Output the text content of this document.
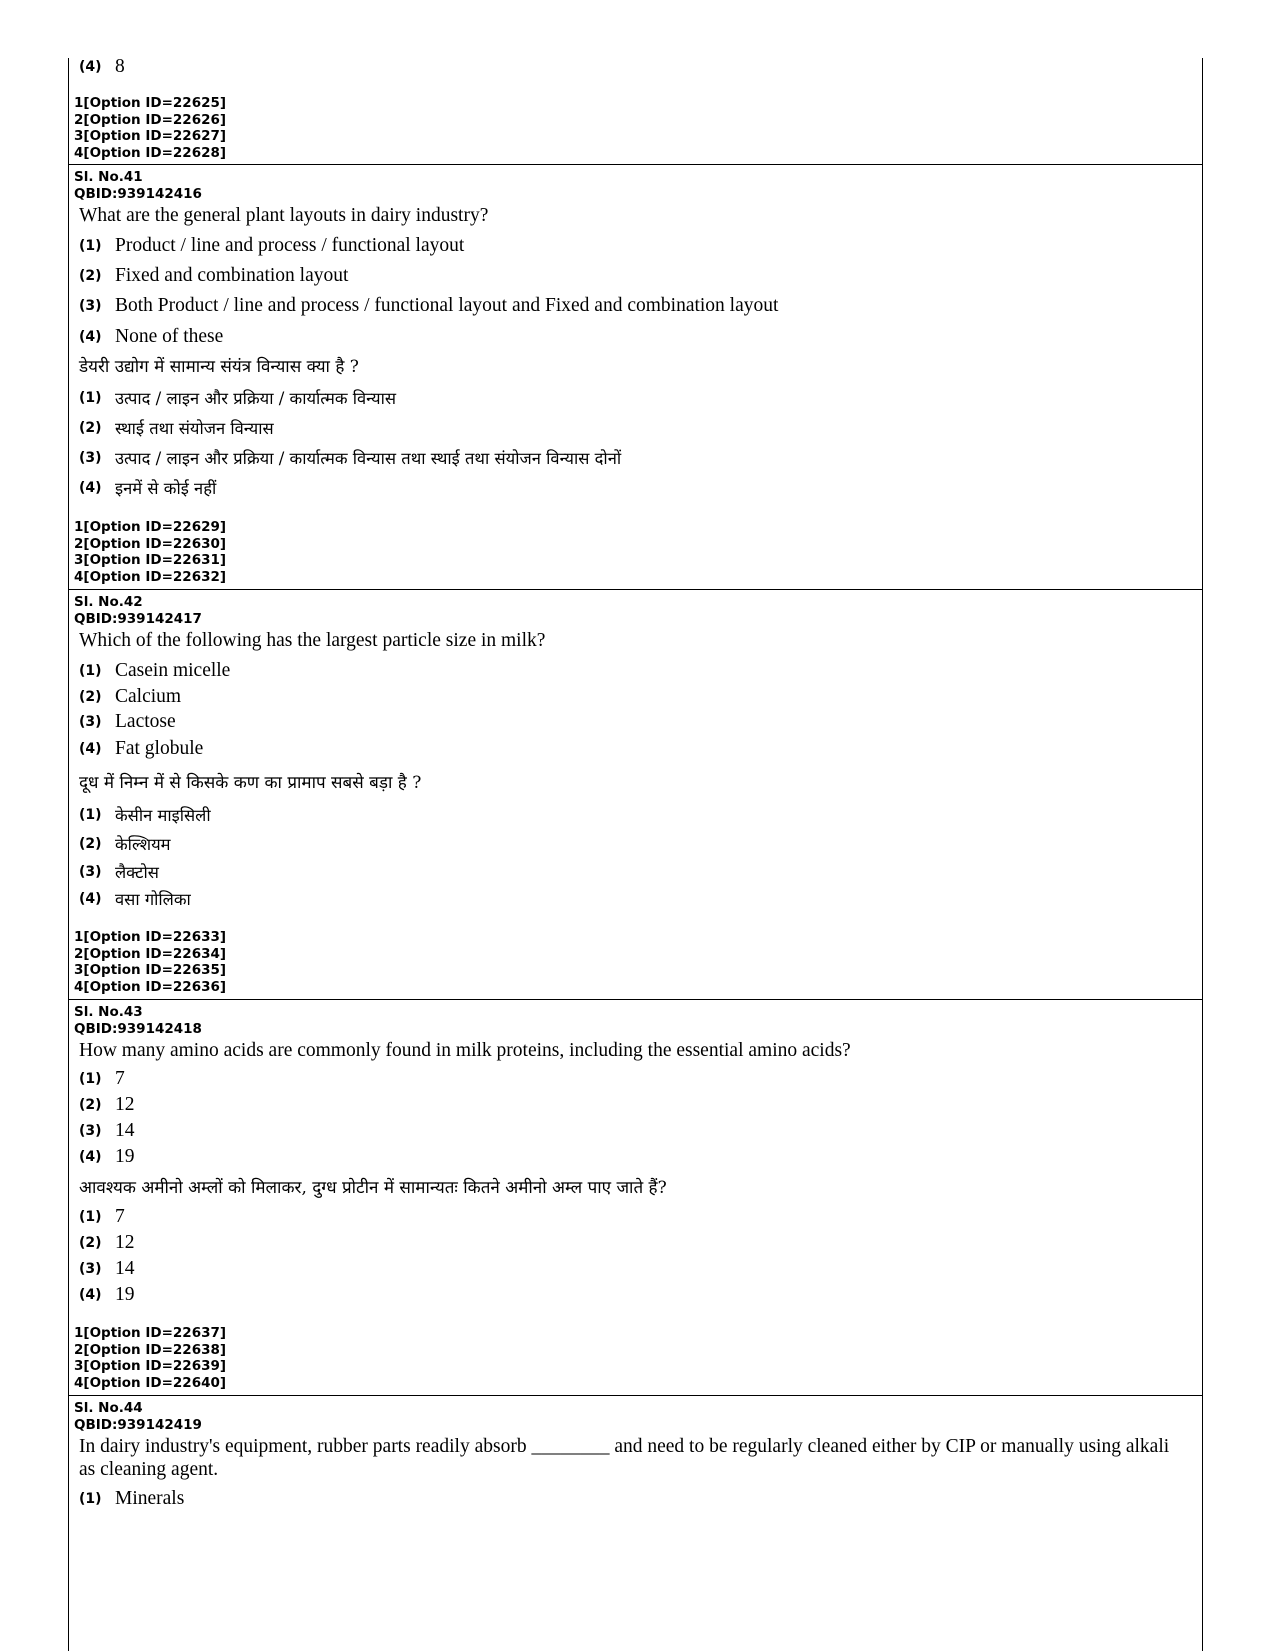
(4) 8
1[Option ID=22625]
2[Option ID=22626]
3[Option ID=22627]
4[Option ID=22628]
Sl. No.41
QBID:939142416
What are the general plant layouts in dairy industry?
(1) Product / line and process / functional layout
(2) Fixed and combination layout
(3) Both Product / line and process / functional layout and Fixed and combination layout
(4) None of these
डेयरी उद्योग में सामान्य संयंत्र विन्यास क्या है ?
(1) उत्पाद / लाइन और प्रक्रिया / कार्यात्मक विन्यास
(2) स्थाई तथा संयोजन विन्यास
(3) उत्पाद / लाइन और प्रक्रिया / कार्यात्मक विन्यास तथा स्थाई तथा संयोजन विन्यास दोनों
(4) इनमें से कोई नहीं
1[Option ID=22629]
2[Option ID=22630]
3[Option ID=22631]
4[Option ID=22632]
Sl. No.42
QBID:939142417
Which of the following has the largest particle size in milk?
(1) Casein micelle
(2) Calcium
(3) Lactose
(4) Fat globule
दूध में निम्न में से किसके कण का प्रामाप सबसे बड़ा है ?
(1) केसीन माइसिली
(2) केल्शियम
(3) लैक्टोस
(4) वसा गोलिका
1[Option ID=22633]
2[Option ID=22634]
3[Option ID=22635]
4[Option ID=22636]
Sl. No.43
QBID:939142418
How many amino acids are commonly found in milk proteins, including the essential amino acids?
(1) 7
(2) 12
(3) 14
(4) 19
आवश्यक अमीनो अम्लों को मिलाकर, दुग्ध प्रोटीन में सामान्यतः कितने अमीनो अम्ल पाए जाते हैं?
(1) 7
(2) 12
(3) 14
(4) 19
1[Option ID=22637]
2[Option ID=22638]
3[Option ID=22639]
4[Option ID=22640]
Sl. No.44
QBID:939142419
In dairy industry's equipment, rubber parts readily absorb ________ and need to be regularly cleaned either by CIP or manually using alkali as cleaning agent.
(1) Minerals
